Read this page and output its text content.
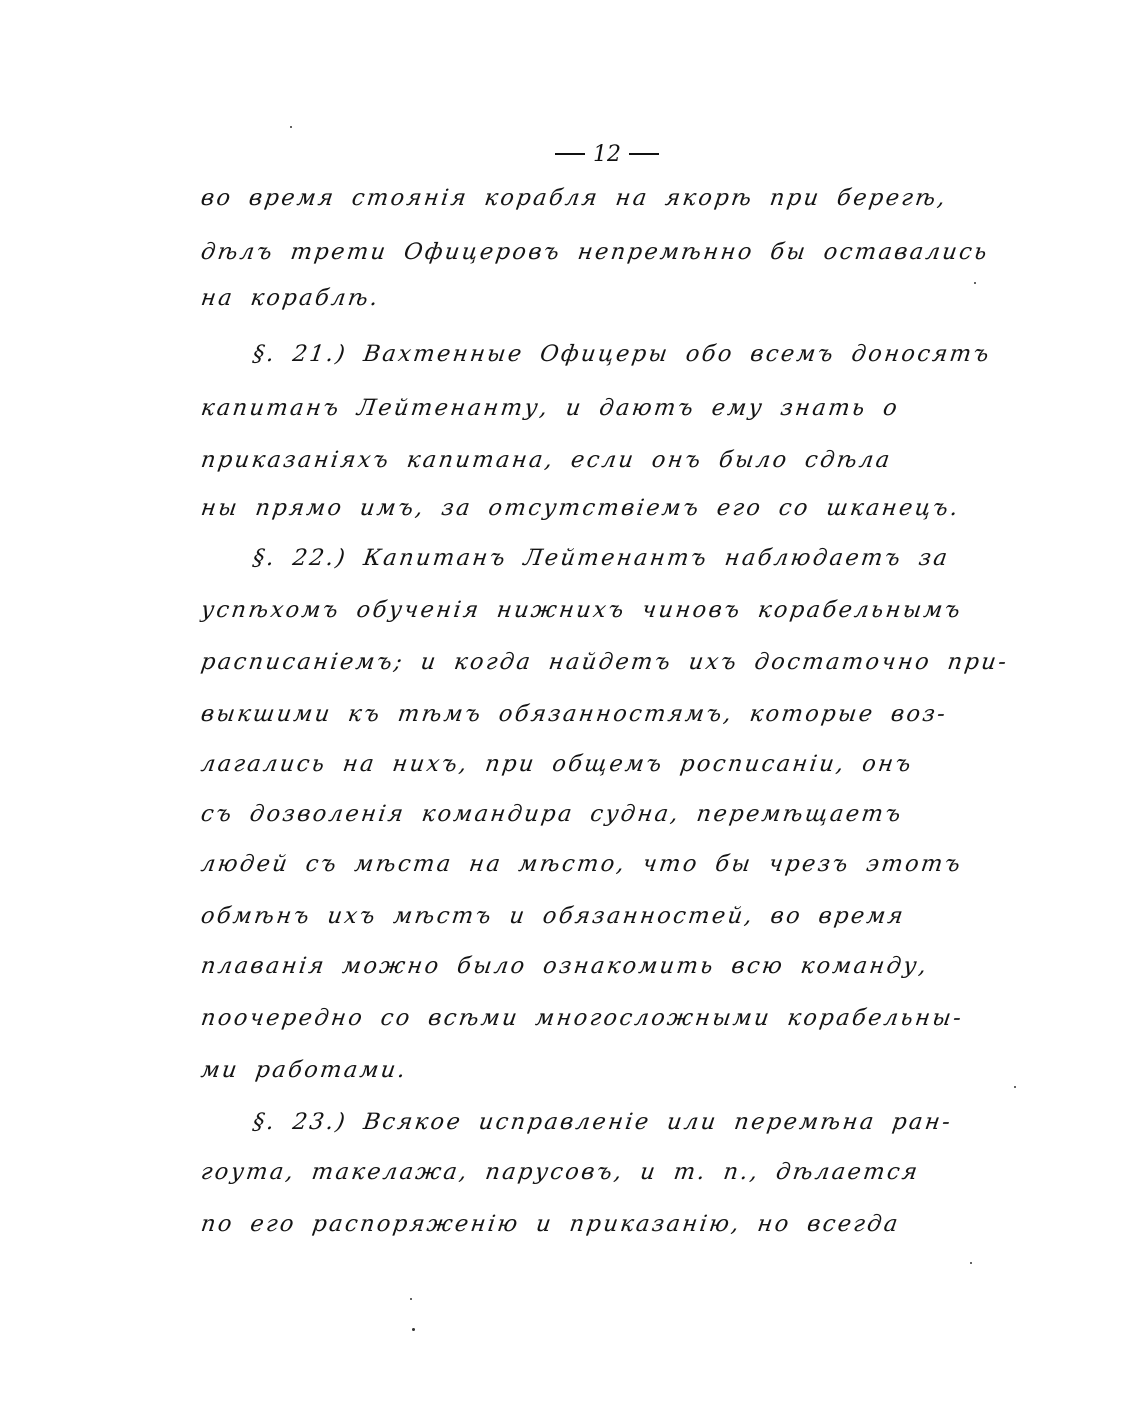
12
во время стоянія корабля на якорѣ при берегѣ,
дѣлъ трети Офицеровъ непремѣнно бы оставались
на кораблѣ.
§. 21.) Вахтенные Офицеры обо всемъ доносятъ
капитанъ Лейтенанту, и даютъ ему знать о
приказаніяхъ капитана, если онъ было сдѣла
ны прямо имъ, за отсутствіемъ его со шканецъ.
§. 22.) Капитанъ Лейтенантъ наблюдаетъ за
успѣхомъ обученія нижнихъ чиновъ корабельнымъ
расписаніемъ; и когда найдетъ ихъ достаточно при-
выкшими къ тѣмъ обязанностямъ, которые воз-
лагались на нихъ, при общемъ росписаніи, онъ
съ дозволенія командира судна, перемѣщаетъ
людей съ мѣста на мѣсто, что бы чрезъ этотъ
обмѣнъ ихъ мѣстъ и обязанностей, во время
плаванія можно было ознакомить всю команду,
поочередно со всѣми многосложными корабельны-
ми работами.
§. 23.) Всякое исправленіе или перемѣна ран-
гоута, такелажа, парусовъ, и т. п., дѣлается
по его распоряженію и приказанію, но всегда
